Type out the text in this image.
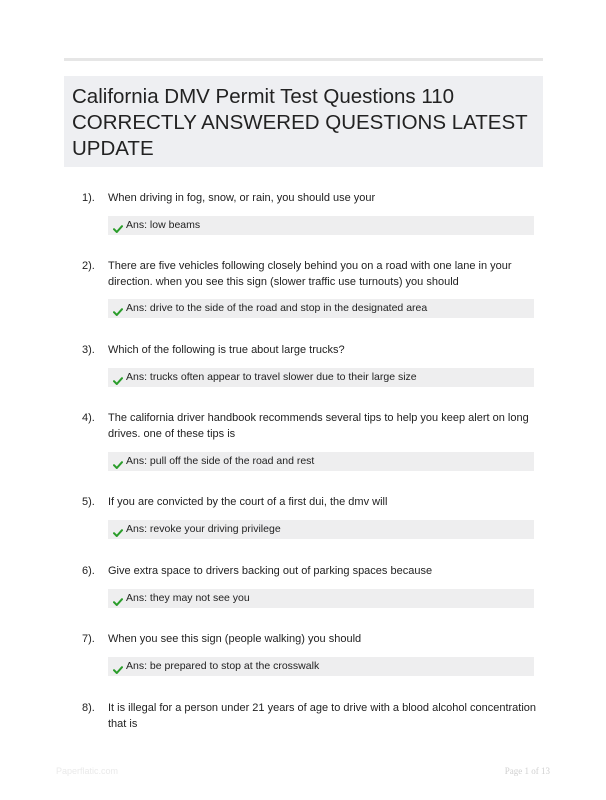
California DMV Permit Test Questions 110
CORRECTLY ANSWERED QUESTIONS LATEST
UPDATE

1). When driving in fog, snow, or rain, you should use your
Ans: low beams
2). There are five vehicles following closely behind you on a road with one lane in your
direction. when you see this sign (slower traffic use turnouts) you should
Ans: drive to the side of the road and stop in the designated area
3). Which of the following is true about large trucks?
Ans: trucks often appear to travel slower due to their large size
4). The california driver handbook recommends several tips to help you keep alert on long
drives. one of these tips is
Ans: pull off the side of the road and rest
5). If you are convicted by the court of a first dui, the dmv will
Ans: revoke your driving privilege
6). Give extra space to drivers backing out of parking spaces because
Ans: they may not see you
7). When you see this sign (people walking) you should
Ans: be prepared to stop at the crosswalk
8). It is illegal for a person under 21 years of age to drive with a blood alcohol concentration
that is
Paperflatic.com	Page 1 of 13
